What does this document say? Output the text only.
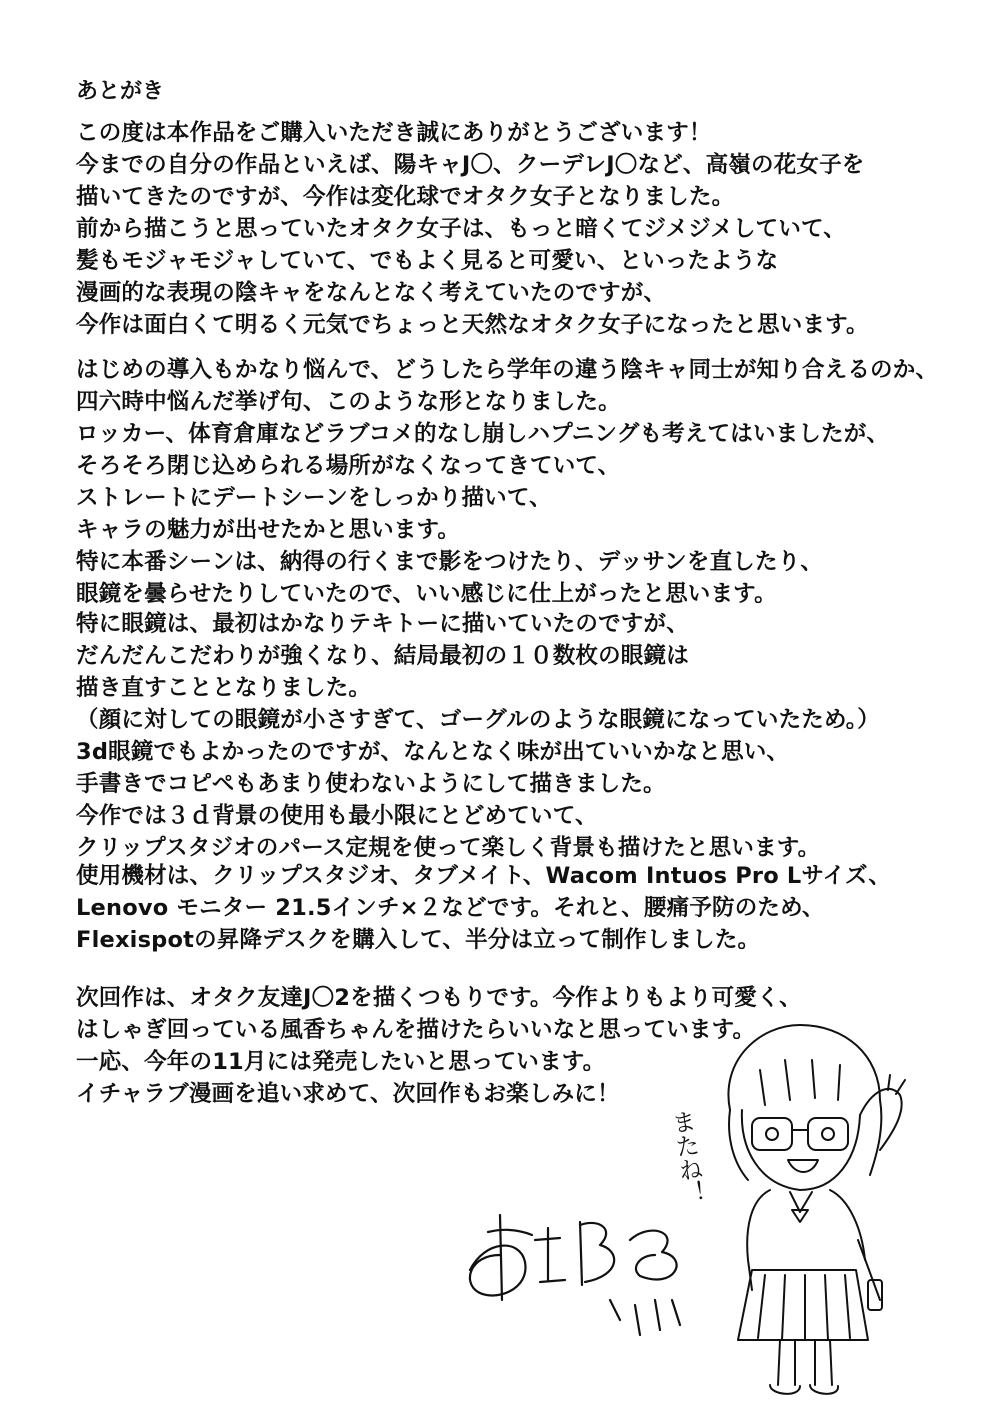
あとがき
この度は本作品をご購入いただき誠にありがとうございます！
今までの自分の作品といえば、陽キャJ〇、クーデレJ〇など、高嶺の花女子を
描いてきたのですが、今作は変化球でオタク女子となりました。
前から描こうと思っていたオタク女子は、もっと暗くてジメジメしていて、
髪もモジャモジャしていて、でもよく見ると可愛い、といったような
漫画的な表現の陰キャをなんとなく考えていたのですが、
今作は面白くて明るく元気でちょっと天然なオタク女子になったと思います。
はじめの導入もかなり悩んで、どうしたら学年の違う陰キャ同士が知り合えるのか、
四六時中悩んだ挙げ句、このような形となりました。
ロッカー、体育倉庫などラブコメ的なし崩しハプニングも考えてはいましたが、
そろそろ閉じ込められる場所がなくなってきていて、
ストレートにデートシーンをしっかり描いて、
キャラの魅力が出せたかと思います。
特に本番シーンは、納得の行くまで影をつけたり、デッサンを直したり、
眼鏡を曇らせたりしていたので、いい感じに仕上がったと思います。
特に眼鏡は、最初はかなりテキトーに描いていたのですが、
だんだんこだわりが強くなり、結局最初の１０数枚の眼鏡は
描き直すこととなりました。
（顔に対しての眼鏡が小さすぎて、ゴーグルのような眼鏡になっていたため。）
3d眼鏡でもよかったのですが、なんとなく味が出ていいかなと思い、
手書きでコピペもあまり使わないようにして描きました。
今作では３ｄ背景の使用も最小限にとどめていて、
クリップスタジオのパース定規を使って楽しく背景も描けたと思います。
使用機材は、クリップスタジオ、タブメイト、Wacom Intuos Pro Lサイズ、
Lenovo モニター 21.5インチ×２などです。それと、腰痛予防のため、
Flexispotの昇降デスクを購入して、半分は立って制作しました。
次回作は、オタク友達J〇2を描くつもりです。今作よりもより可愛く、
はしゃぎ回っている風香ちゃんを描けたらいいなと思っています。
一応、今年の11月には発売したいと思っています。
イチャラブ漫画を追い求めて、次回作もお楽しみに！
またね！
